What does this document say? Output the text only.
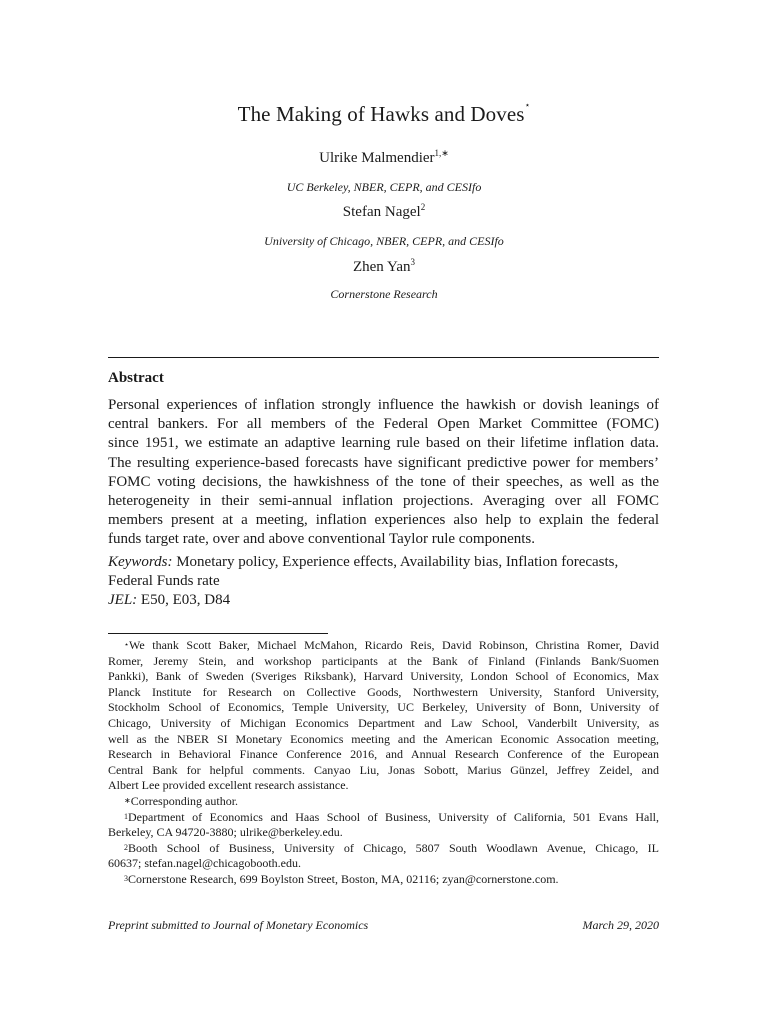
The Making of Hawks and Doves⋆
Ulrike Malmendier$^{1,∗}$
UC Berkeley, NBER, CEPR, and CESIfo
Stefan Nagel$^2$
University of Chicago, NBER, CEPR, and CESIfo
Zhen Yan$^3$
Cornerstone Research
Abstract
Personal experiences of inflation strongly influence the hawkish or dovish leanings of
central bankers. For all members of the Federal Open Market Committee (FOMC)
since 1951, we estimate an adaptive learning rule based on their lifetime inflation data.
The resulting experience-based forecasts have significant predictive power for members’
FOMC voting decisions, the hawkishness of the tone of their speeches, as well as the
heterogeneity in their semi-annual inflation projections. Averaging over all FOMC
members present at a meeting, inflation experiences also help to explain the federal
funds target rate, over and above conventional Taylor rule components.
Keywords: Monetary policy, Experience effects, Availability bias, Inflation forecasts,
Federal Funds rate
JEL: E50, E03, D84
⋆We thank Scott Baker, Michael McMahon, Ricardo Reis, David Robinson, Christina Romer, David
Romer, Jeremy Stein, and workshop participants at the Bank of Finland (Finlands Bank/Suomen
Pankki), Bank of Sweden (Sveriges Riksbank), Harvard University, London School of Economics, Max
Planck Institute for Research on Collective Goods, Northwestern University, Stanford University,
Stockholm School of Economics, Temple University, UC Berkeley, University of Bonn, University of
Chicago, University of Michigan Economics Department and Law School, Vanderbilt University, as
well as the NBER SI Monetary Economics meeting and the American Economic Assocation meeting,
Research in Behavioral Finance Conference 2016, and Annual Research Conference of the European
Central Bank for helpful comments. Canyao Liu, Jonas Sobott, Marius Günzel, Jeffrey Zeidel, and
Albert Lee provided excellent research assistance.
∗Corresponding author.
$^1$Department of Economics and Haas School of Business, University of California, 501 Evans Hall,
Berkeley, CA 94720-3880; ulrike@berkeley.edu.
$^2$Booth School of Business, University of Chicago, 5807 South Woodlawn Avenue, Chicago, IL
60637; stefan.nagel@chicagobooth.edu.
$^3$Cornerstone Research, 699 Boylston Street, Boston, MA, 02116; zyan@cornerstone.com.
Preprint submitted to Journal of Monetary Economics	March 29, 2020
